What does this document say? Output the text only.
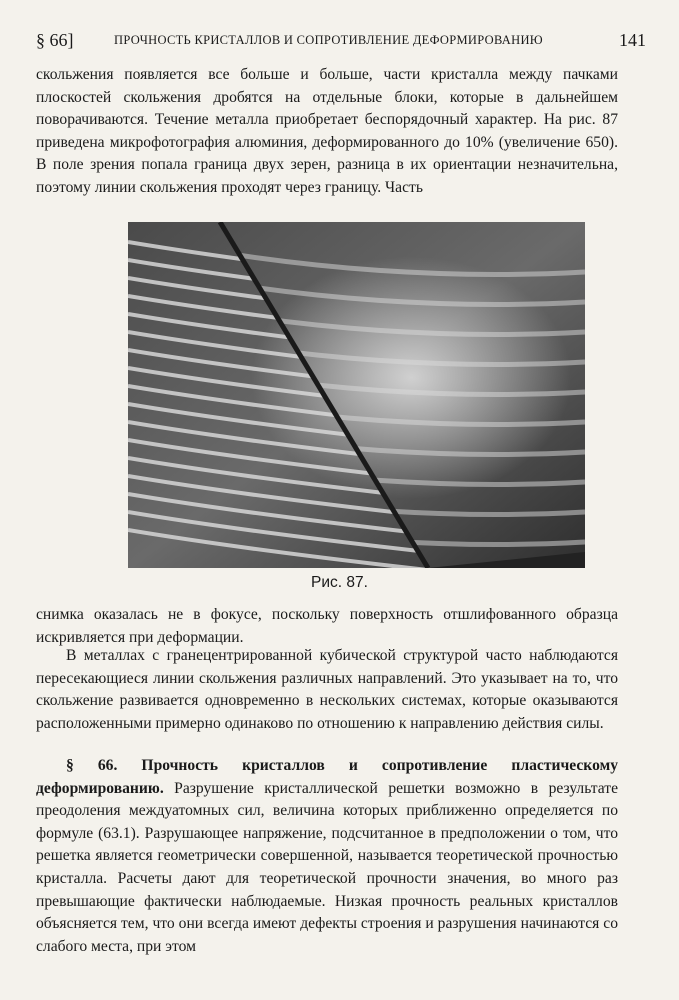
§ 66]	ПРОЧНОСТЬ КРИСТАЛЛОВ И СОПРОТИВЛЕНИЕ ДЕФОРМИРОВАНИЮ	141
скольжения появляется все больше и больше, части кристалла между пачками плоскостей скольжения дробятся на отдельные блоки, которые в дальнейшем поворачиваются. Течение металла приобретает беспорядочный характер. На рис. 87 приведена микрофотография алюминия, деформированного до 10% (увеличение 650). В поле зрения попала граница двух зерен, разница в их ориентации незначительна, поэтому линии скольжения проходят через границу. Часть
Рис. 87.
снимка оказалась не в фокусе, поскольку поверхность отшлифованного образца искривляется при деформации.
В металлах с гранецентрированной кубической структурой часто наблюдаются пересекающиеся линии скольжения различных направлений. Это указывает на то, что скольжение развивается одновременно в нескольких системах, которые оказываются расположенными примерно одинаково по отношению к направлению действия силы.
§ 66. Прочность кристаллов и сопротивление пластическому деформированию. Разрушение кристаллической решетки возможно в результате преодоления междуатомных сил, величина которых приближенно определяется по формуле (63.1). Разрушающее напряжение, подсчитанное в предположении о том, что решетка является геометрически совершенной, называется теоретической прочностью кристалла. Расчеты дают для теоретической прочности значения, во много раз превышающие фактически наблюдаемые. Низкая прочность реальных кристаллов объясняется тем, что они всегда имеют дефекты строения и разрушения начинаются со слабого места, при этом
